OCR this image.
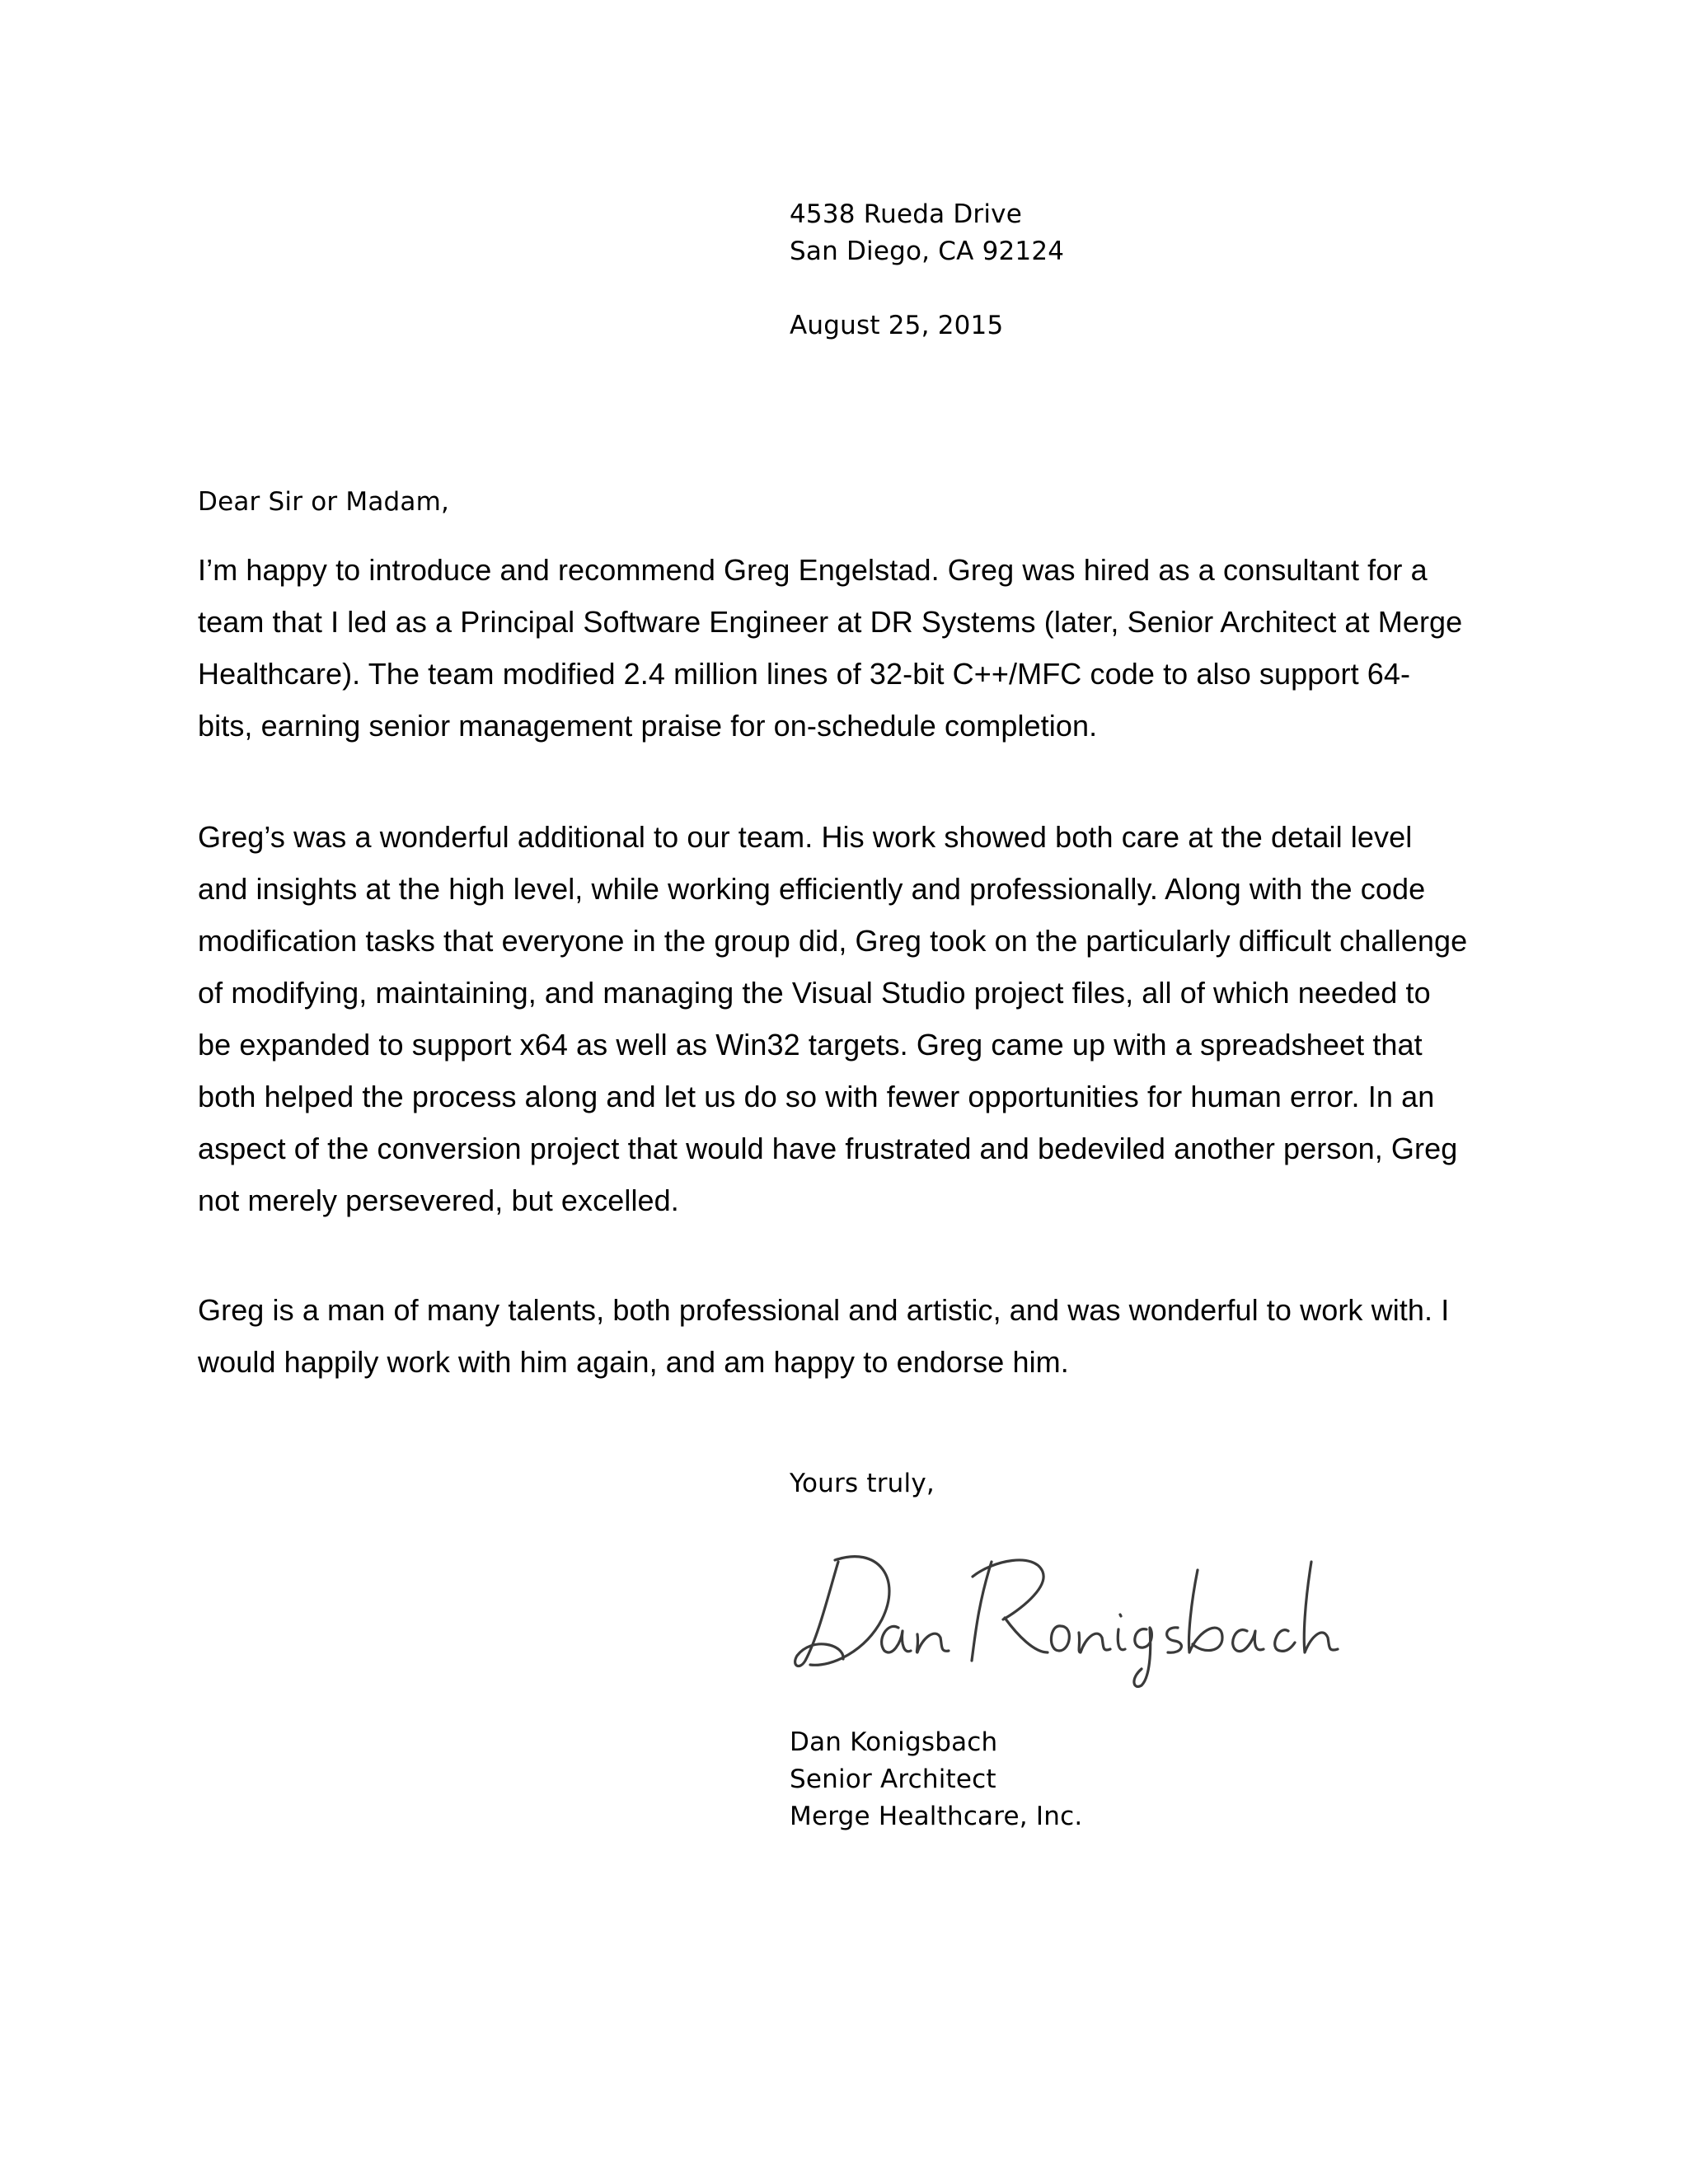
4538 Rueda Drive
San Diego, CA 92124
August 25, 2015
Dear Sir or Madam,
I’m happy to introduce and recommend Greg Engelstad. Greg was hired as a consultant for a
team that I led as a Principal Software Engineer at DR Systems (later, Senior Architect at Merge
Healthcare). The team modified 2.4 million lines of 32-bit C++/MFC code to also support 64-
bits, earning senior management praise for on-schedule completion.
Greg’s was a wonderful additional to our team. His work showed both care at the detail level
and insights at the high level, while working efficiently and professionally. Along with the code
modification tasks that everyone in the group did, Greg took on the particularly difficult challenge
of modifying, maintaining, and managing the Visual Studio project files, all of which needed to
be expanded to support x64 as well as Win32 targets. Greg came up with a spreadsheet that
both helped the process along and let us do so with fewer opportunities for human error. In an
aspect of the conversion project that would have frustrated and bedeviled another person, Greg
not merely persevered, but excelled.
Greg is a man of many talents, both professional and artistic, and was wonderful to work with. I
would happily work with him again, and am happy to endorse him.
Yours truly,
Dan Konigsbach
Senior Architect
Merge Healthcare, Inc.
